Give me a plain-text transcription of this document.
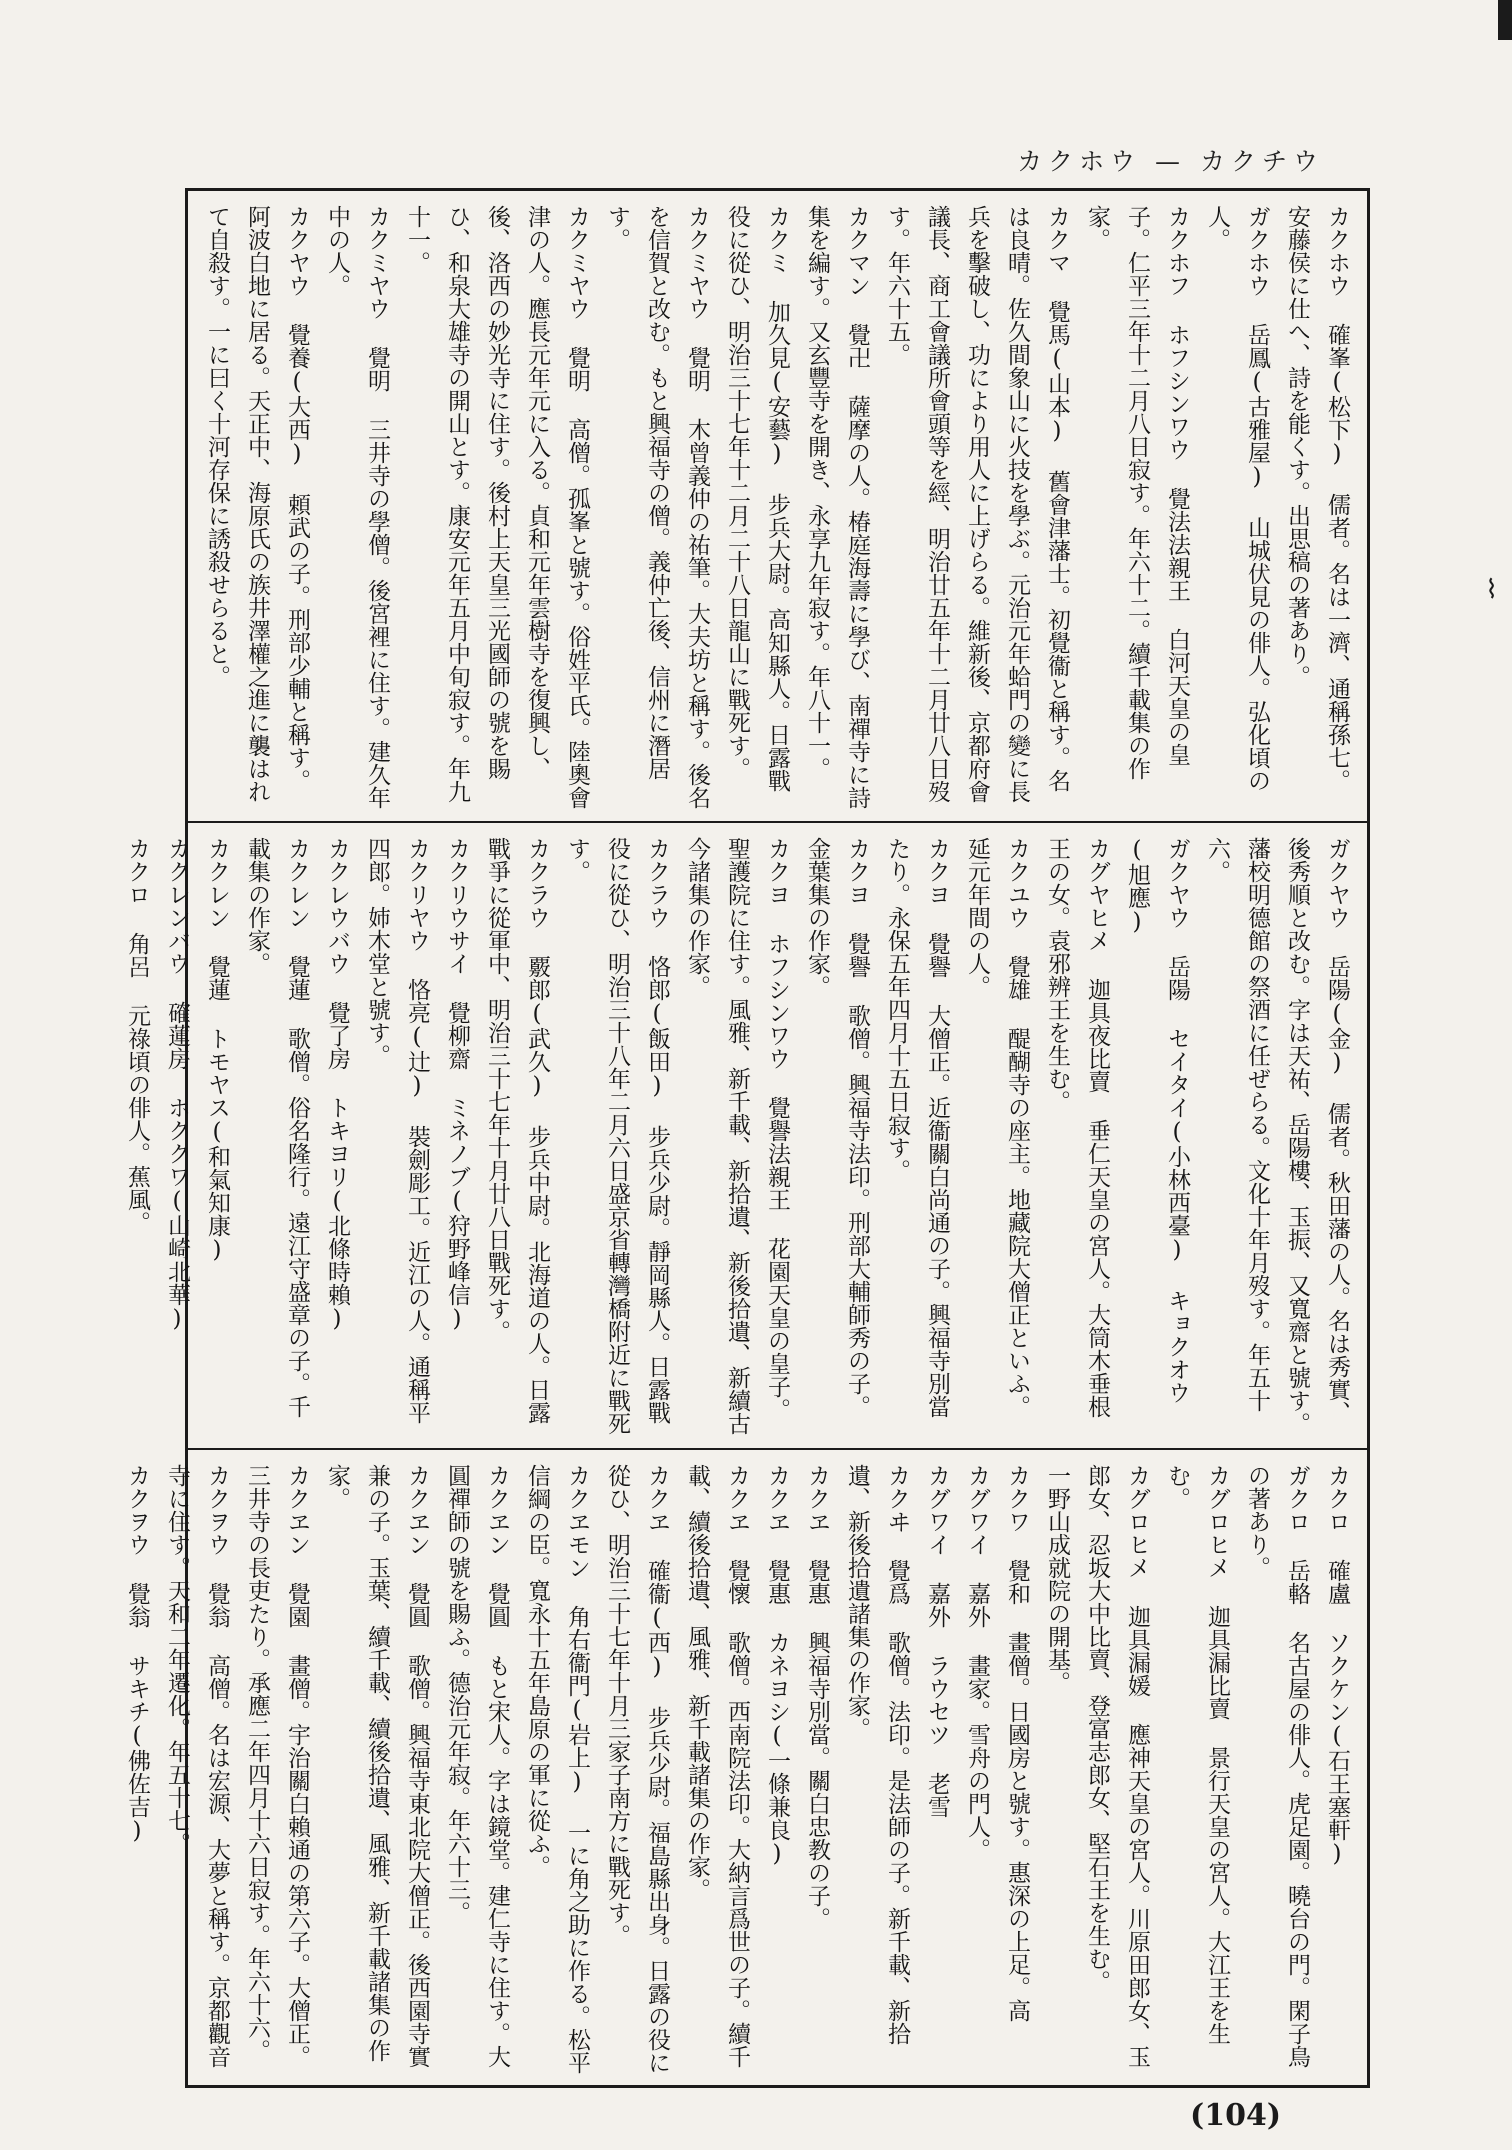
カクホウ — カクチウ

カクホウ 確峯(松下) 儒者。名は一濟、通稱孫七。安藤侯に仕へ、詩を能くす。出思稿の著あり。

ガクホウ 岳鳳(古雅屋) 山城伏見の俳人。弘化頃の人。

カクホフ ホフシンワウ 覺法法親王 白河天皇の皇子。仁平三年十二月八日寂す。年六十二。續千載集の作家。

カクマ 覺馬(山本) 舊會津藩士。初覺衞と稱す。名は良晴。佐久間象山に火技を學ぶ。元治元年蛤門の變に長兵を擊破し、功により用人に上げらる。維新後、京都府會議長、商工會議所會頭等を經、明治廿五年十二月廿八日歿す。年六十五。

カクマン 覺卍 薩摩の人。椿庭海壽に學び、南禪寺に詩集を編す。又玄豐寺を開き、永享九年寂す。年八十一。

カクミ 加久見(安藝) 步兵大尉。高知縣人。日露戰役に從ひ、明治三十七年十二月二十八日龍山に戰死す。

カクミヤウ 覺明 木曾義仲の祐筆。大夫坊と稱す。後名を信賀と改む。もと興福寺の僧。義仲亡後、信州に潛居す。

カクミヤウ 覺明 高僧。孤峯と號す。俗姓平氏。陸奧會津の人。應長元年元に入る。貞和元年雲樹寺を復興し、後、洛西の妙光寺に住す。後村上天皇三光國師の號を賜ひ、和泉大雄寺の開山とす。康安元年五月中旬寂す。年九十一。

カクミヤウ 覺明 三井寺の學僧。後宮裡に住す。建久年中の人。

カクヤウ 覺養(大西) 頼武の子。刑部少輔と稱す。阿波白地に居る。天正中、海原氏の族井澤權之進に襲はれて自殺す。一に曰く十河存保に誘殺せらると。

ガクヤウ 岳陽(金) 儒者。秋田藩の人。名は秀實、後秀順と改む。字は天祐、岳陽樓、玉振、又寬齋と號す。藩校明德館の祭酒に任ぜらる。文化十年月歿す。年五十六。

ガクヤウ 岳陽 セイタイ(小林西臺) キョクオウ(旭應)

カグヤヒメ 迦具夜比賣 垂仁天皇の宮人。大筒木垂根王の女。袁邪辨王を生む。

カクユウ 覺雄 醍醐寺の座主。地藏院大僧正といふ。延元年間の人。

カクヨ 覺譽 大僧正。近衞關白尚通の子。興福寺別當たり。永保五年四月十五日寂す。

カクヨ 覺譽 歌僧。興福寺法印。刑部大輔師秀の子。金葉集の作家。

カクヨ ホフシンワウ 覺譽法親王 花園天皇の皇子。聖護院に住す。風雅、新千載、新拾遺、新後拾遺、新續古今諸集の作家。

カクラウ 恪郎(飯田) 步兵少尉。靜岡縣人。日露戰役に從ひ、明治三十八年二月六日盛京省轉灣橋附近に戰死す。

カクラウ 覈郎(武久) 步兵中尉。北海道の人。日露戰爭に從軍中、明治三十七年十月廿八日戰死す。

カクリウサイ 覺柳齋 ミネノブ(狩野峰信)

カクリヤウ 恪亮(辻) 裝劍彫工。近江の人。通稱平四郎。姉木堂と號す。

カクレウバウ 覺了房 トキヨリ(北條時賴)

カクレン 覺蓮 歌僧。俗名隆行。遠江守盛章の子。千載集の作家。

カクレン 覺蓮 トモヤス(和氣知康)

カクレンバウ 確蓮房 ホククワ(山崎北華)

カクロ 角呂 元祿頃の俳人。蕉風。

カクロ 確盧 ソクケン(石王塞軒)

ガクロ 岳輅 名古屋の俳人。虎足園。曉台の門。閑子鳥の著あり。

カグロヒメ 迦具漏比賣 景行天皇の宮人。大江王を生む。

カグロヒメ 迦具漏媛 應神天皇の宮人。川原田郎女、玉郎女、忍坂大中比賣、登富志郎女、堅石王を生む。

一野山成就院の開基。

カクワ 覺和 畫僧。日國房と號す。惠深の上足。高

カグワイ 嘉外 畫家。雪舟の門人。

カグワイ 嘉外 ラウセツ 老雪

カクヰ 覺爲 歌僧。法印。是法師の子。新千載、新拾遺、新後拾遺諸集の作家。

カクヱ 覺惠 興福寺別當。關白忠教の子。

カクヱ 覺惠 カネヨシ(一條兼良)

カクヱ 覺懷 歌僧。西南院法印。大納言爲世の子。續千載、續後拾遺、風雅、新千載諸集の作家。

カクヱ 確衞(西) 步兵少尉。福島縣出身。日露の役に從ひ、明治三十七年十月三家子南方に戰死す。

カクヱモン 角右衞門(岩上) 一に角之助に作る。松平信綱の臣。寬永十五年島原の軍に從ふ。

カクヱン 覺圓 もと宋人。字は鏡堂。建仁寺に住す。大圓禪師の號を賜ふ。德治元年寂。年六十三。

カクヱン 覺圓 歌僧。興福寺東北院大僧正。後西園寺實兼の子。玉葉、續千載、續後拾遺、風雅、新千載諸集の作家。

カクヱン 覺園 畫僧。宇治關白賴通の第六子。大僧正。三井寺の長吏たり。承應二年四月十六日寂す。年六十六。

カクヲウ 覺翁 高僧。名は宏源、大夢と稱す。京都觀音寺に住す。天和二年遷化。年五十七。

カクヲウ 覺翁 サキチ(佛佐吉)

⌇
(104)
